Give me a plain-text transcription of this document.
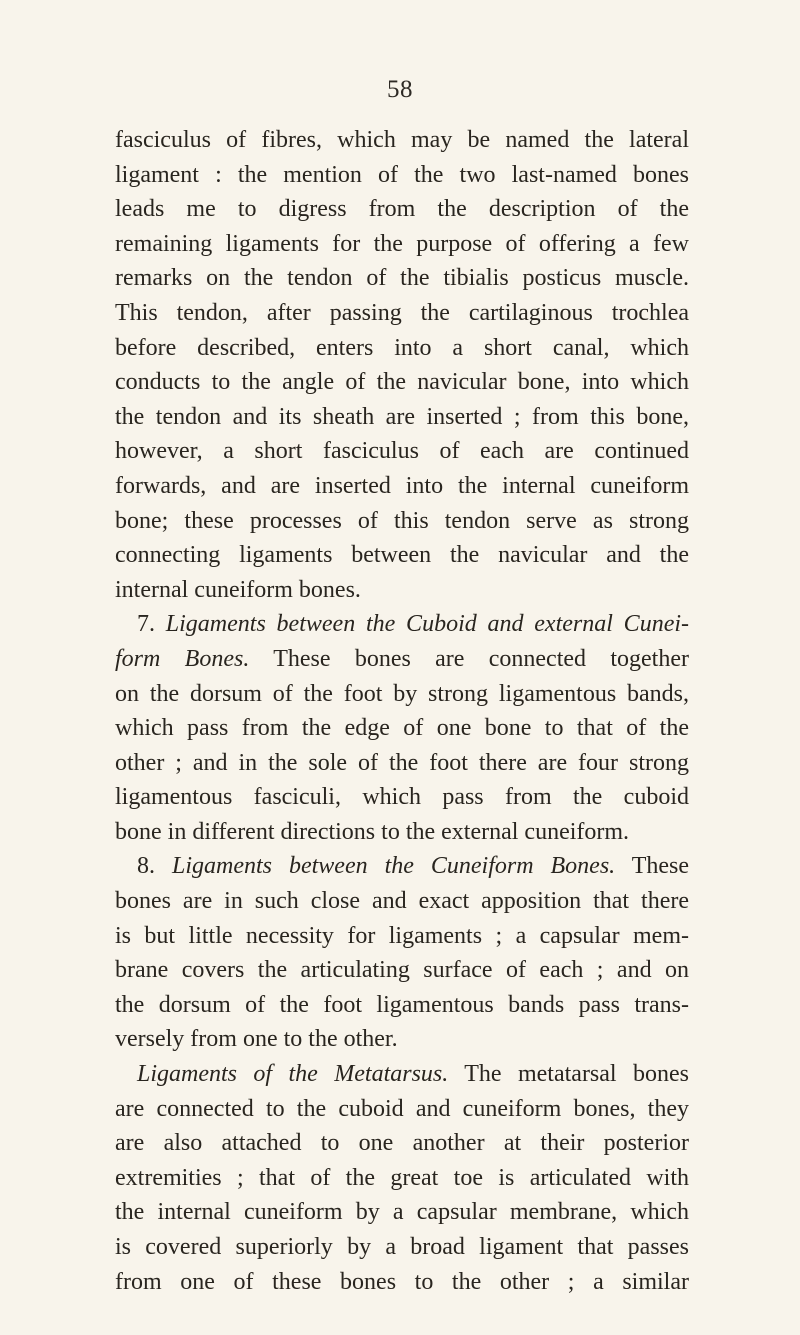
58
fasciculus of fibres, which may be named the lateral
ligament : the mention of the two last-named bones
leads me to digress from the description of the
remaining ligaments for the purpose of offering a few
remarks on the tendon of the tibialis posticus muscle.
This tendon, after passing the cartilaginous trochlea
before described, enters into a short canal, which
conducts to the angle of the navicular bone, into which
the tendon and its sheath are inserted ; from this bone,
however, a short fasciculus of each are continued
forwards, and are inserted into the internal cuneiform
bone; these processes of this tendon serve as strong
connecting ligaments between the navicular and the
internal cuneiform bones.
7. Ligaments between the Cuboid and external Cunei-
form Bones. These bones are connected together
on the dorsum of the foot by strong ligamentous bands,
which pass from the edge of one bone to that of the
other ; and in the sole of the foot there are four strong
ligamentous fasciculi, which pass from the cuboid
bone in different directions to the external cuneiform.
8. Ligaments between the Cuneiform Bones. These
bones are in such close and exact apposition that there
is but little necessity for ligaments ; a capsular mem-
brane covers the articulating surface of each ; and on
the dorsum of the foot ligamentous bands pass trans-
versely from one to the other.
Ligaments of the Metatarsus. The metatarsal bones
are connected to the cuboid and cuneiform bones, they
are also attached to one another at their posterior
extremities ; that of the great toe is articulated with
the internal cuneiform by a capsular membrane, which
is covered superiorly by a broad ligament that passes
from one of these bones to the other ; a similar
